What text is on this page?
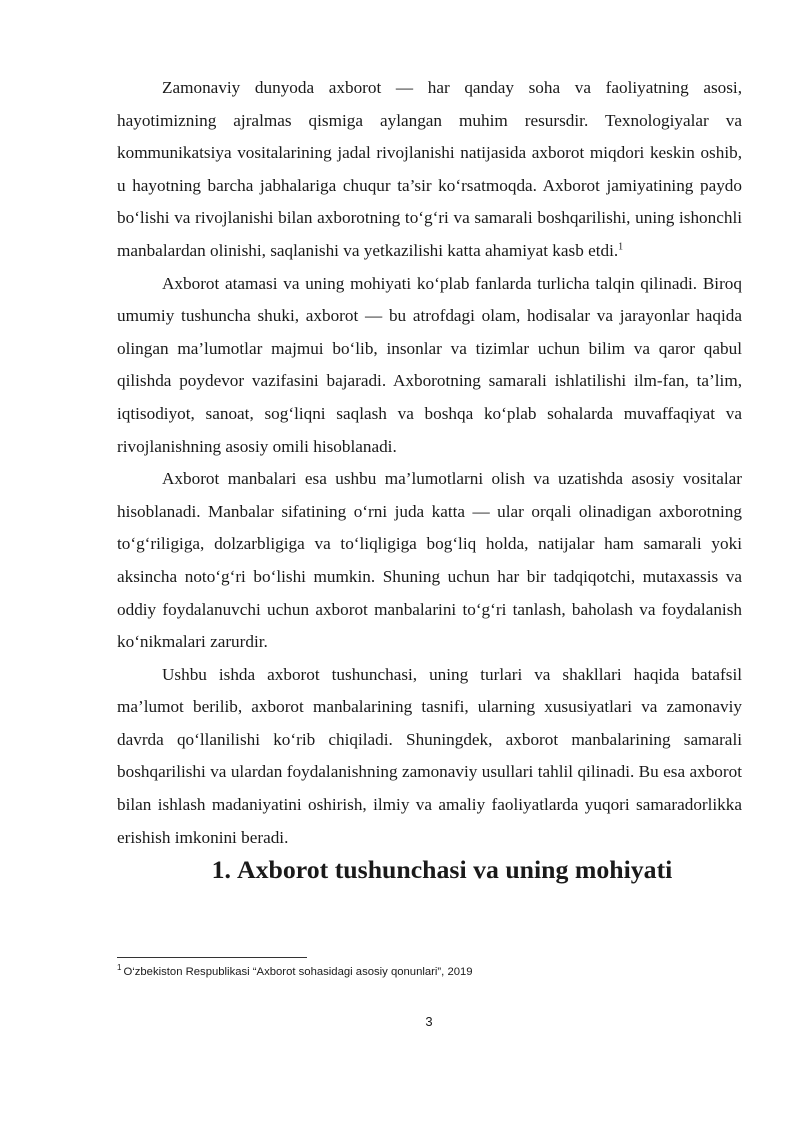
Zamonaviy dunyoda axborot — har qanday soha va faoliyatning asosi, hayotimizning ajralmas qismiga aylangan muhim resursdir. Texnologiyalar va kommunikatsiya vositalarining jadal rivojlanishi natijasida axborot miqdori keskin oshib, u hayotning barcha jabhalariga chuqur ta’sir ko‘rsatmoqda. Axborot jamiyatining paydo bo‘lishi va rivojlanishi bilan axborotning to‘g‘ri va samarali boshqarilishi, uning ishonchli manbalardan olinishi, saqlanishi va yetkazilishi katta ahamiyat kasb etdi.$^1$

Axborot atamasi va uning mohiyati ko‘plab fanlarda turlicha talqin qilinadi. Biroq umumiy tushuncha shuki, axborot — bu atrofdagi olam, hodisalar va jarayonlar haqida olingan ma’lumotlar majmui bo‘lib, insonlar va tizimlar uchun bilim va qaror qabul qilishda poydevor vazifasini bajaradi. Axborotning samarali ishlatilishi ilm-fan, ta’lim, iqtisodiyot, sanoat, sog‘liqni saqlash va boshqa ko‘plab sohalarda muvaffaqiyat va rivojlanishning asosiy omili hisoblanadi.

Axborot manbalari esa ushbu ma’lumotlarni olish va uzatishda asosiy vositalar hisoblanadi. Manbalar sifatining o‘rni juda katta — ular orqali olinadigan axborotning to‘g‘riligiga, dolzarbligiga va to‘liqligiga bog‘liq holda, natijalar ham samarali yoki aksincha noto‘g‘ri bo‘lishi mumkin. Shuning uchun har bir tadqiqotchi, mutaxassis va oddiy foydalanuvchi uchun axborot manbalarini to‘g‘ri tanlash, baholash va foydalanish ko‘nikmalari zarurdir.

Ushbu ishda axborot tushunchasi, uning turlari va shakllari haqida batafsil ma’lumot berilib, axborot manbalarining tasnifi, ularning xususiyatlari va zamonaviy davrda qo‘llanilishi ko‘rib chiqiladi. Shuningdek, axborot manbalarining samarali boshqarilishi va ulardan foydalanishning zamonaviy usullari tahlil qilinadi. Bu esa axborot bilan ishlash madaniyatini oshirish, ilmiy va amaliy faoliyatlarda yuqori samaradorlikka erishish imkonini beradi.

1. Axborot tushunchasi va uning mohiyati
$^1$ O‘zbekiston Respublikasi “Axborot sohasidagi asosiy qonunlari”, 2019
3
